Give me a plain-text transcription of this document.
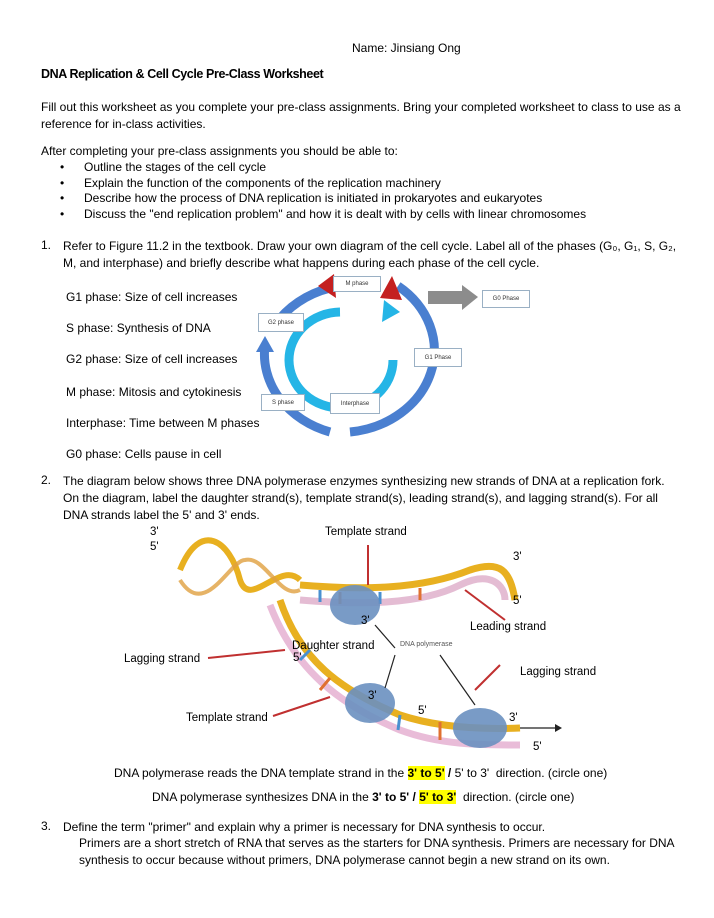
Name: Jinsiang Ong
DNA Replication & Cell Cycle Pre-Class Worksheet
Fill out this worksheet as you complete your pre-class assignments. Bring your completed worksheet to class to use as a reference for in-class activities.
After completing your pre-class assignments you should be able to:
• Outline the stages of the cell cycle
• Explain the function of the components of the replication machinery
• Describe how the process of DNA replication is initiated in prokaryotes and eukaryotes
• Discuss the "end replication problem" and how it is dealt with by cells with linear chromosomes
1. Refer to Figure 11.2 in the textbook. Draw your own diagram of the cell cycle. Label all of the phases (G₀, G₁, S, G₂, M, and interphase) and briefly describe what happens during each phase of the cell cycle.
G1 phase: Size of cell increases
S phase: Synthesis of DNA
G2 phase: Size of cell increases
M phase: Mitosis and cytokinesis
Interphase: Time between M phases
G0 phase: Cells pause in cell
M phase
G0 Phase
G2 phase
G1 Phase
S phase	Interphase
2. The diagram below shows three DNA polymerase enzymes synthesizing new strands of DNA at a replication fork. On the diagram, label the daughter strand(s), template strand(s), leading strand(s), and lagging strand(s). For all DNA strands label the 5' and 3' ends.
3'
5'
Template strand
3'
5'
3'	Leading strand
Daughter strand	DNA polymerase
Lagging strand	5'
Lagging strand
3'
5'
Template strand	3'
5'
DNA polymerase reads the DNA template strand in the 3' to 5' / 5' to 3' direction. (circle one)
DNA polymerase synthesizes DNA in the 3' to 5' / 5' to 3' direction. (circle one)
3. Define the term "primer" and explain why a primer is necessary for DNA synthesis to occur.
Primers are a short stretch of RNA that serves as the starters for DNA synthesis. Primers are necessary for DNA synthesis to occur because without primers, DNA polymerase cannot begin a new strand on its own.
